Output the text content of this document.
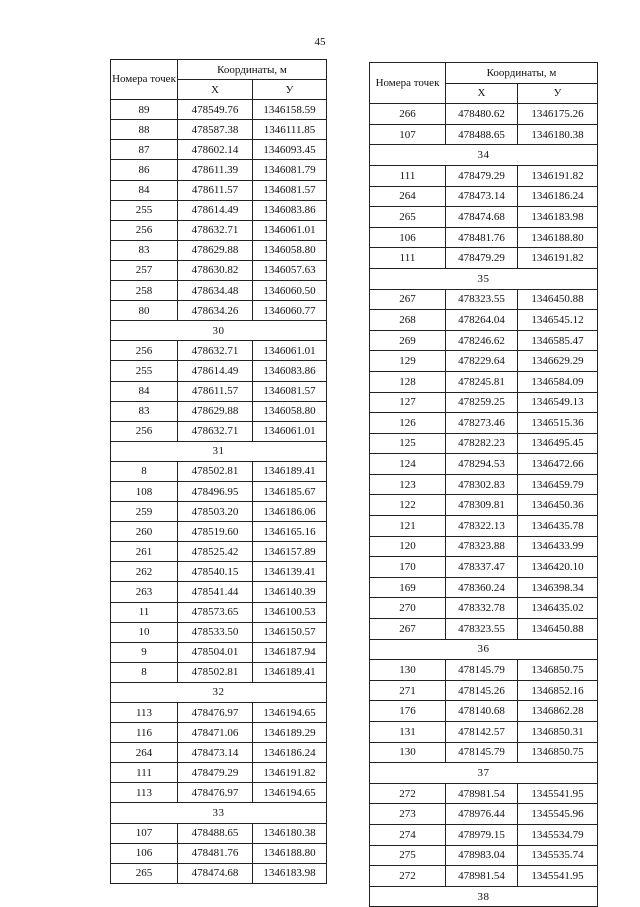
45
Номера точек	Координаты, м	
	Х	У
89	478549.76	1346158.59
88	478587.38	1346111.85
87	478602.14	1346093.45
86	478611.39	1346081.79
84	478611.57	1346081.57
255	478614.49	1346083.86
256	478632.71	1346061.01
83	478629.88	1346058.80
257	478630.82	1346057.63
258	478634.48	1346060.50
80	478634.26	1346060.77
30		
256	478632.71	1346061.01
255	478614.49	1346083.86
84	478611.57	1346081.57
83	478629.88	1346058.80
256	478632.71	1346061.01
31		
8	478502.81	1346189.41
108	478496.95	1346185.67
259	478503.20	1346186.06
260	478519.60	1346165.16
261	478525.42	1346157.89
262	478540.15	1346139.41
263	478541.44	1346140.39
11	478573.65	1346100.53
10	478533.50	1346150.57
9	478504.01	1346187.94
8	478502.81	1346189.41
32		
113	478476.97	1346194.65
116	478471.06	1346189.29
264	478473.14	1346186.24
111	478479.29	1346191.82
113	478476.97	1346194.65
33		
107	478488.65	1346180.38
106	478481.76	1346188.80
265	478474.68	1346183.98
Номера точек	Координаты, м	
	Х	У
266	478480.62	1346175.26
107	478488.65	1346180.38
34		
111	478479.29	1346191.82
264	478473.14	1346186.24
265	478474.68	1346183.98
106	478481.76	1346188.80
111	478479.29	1346191.82
35		
267	478323.55	1346450.88
268	478264.04	1346545.12
269	478246.62	1346585.47
129	478229.64	1346629.29
128	478245.81	1346584.09
127	478259.25	1346549.13
126	478273.46	1346515.36
125	478282.23	1346495.45
124	478294.53	1346472.66
123	478302.83	1346459.79
122	478309.81	1346450.36
121	478322.13	1346435.78
120	478323.88	1346433.99
170	478337.47	1346420.10
169	478360.24	1346398.34
270	478332.78	1346435.02
267	478323.55	1346450.88
36		
130	478145.79	1346850.75
271	478145.26	1346852.16
176	478140.68	1346862.28
131	478142.57	1346850.31
130	478145.79	1346850.75
37		
272	478981.54	1345541.95
273	478976.44	1345545.96
274	478979.15	1345534.79
275	478983.04	1345535.74
272	478981.54	1345541.95
38		
